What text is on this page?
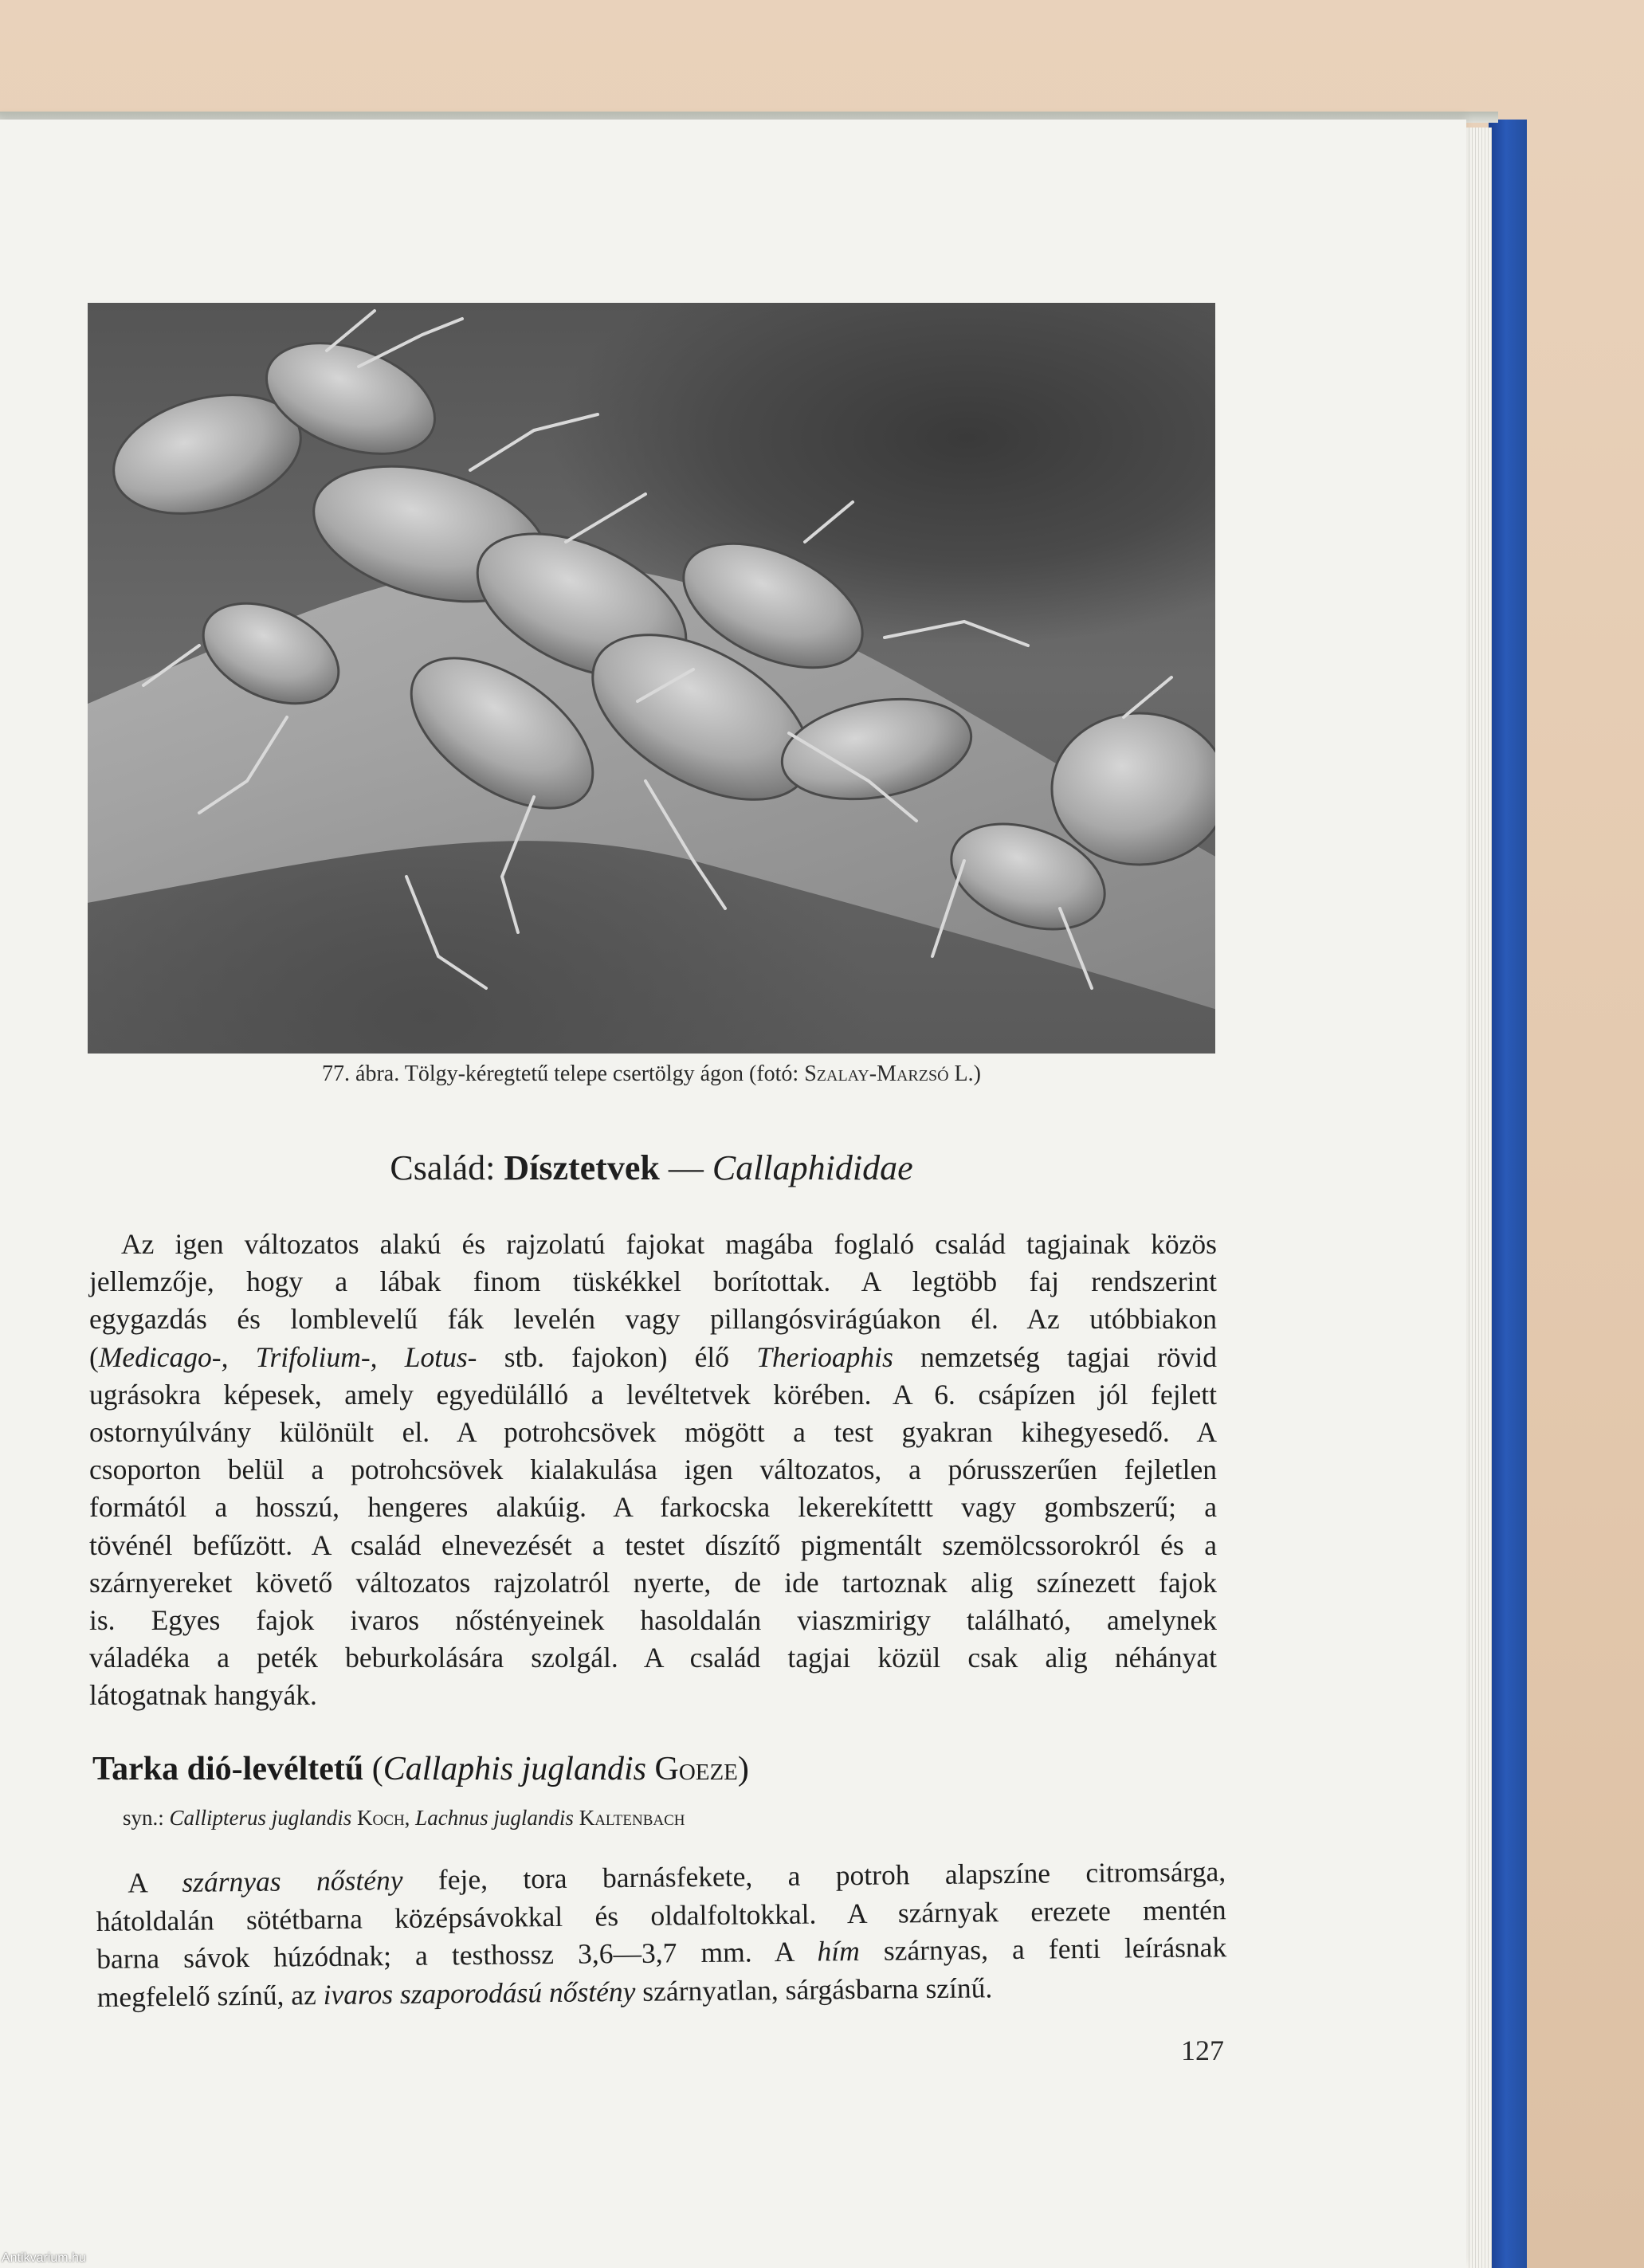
77. ábra. Tölgy-kéregtetű telepe csertölgy ágon (fotó: Szalay-Marzsó L.)
Család: Dísztetvek — Callaphididae
Az igen változatos alakú és rajzolatú fajokat magába foglaló család tagjainak közös
jellemzője, hogy a lábak finom tüskékkel borítottak. A legtöbb faj rendszerint
egygazdás és lomblevelű fák levelén vagy pillangósvirágúakon él. Az utóbbiakon
(Medicago-, Trifolium-, Lotus- stb. fajokon) élő Therioaphis nemzetség tagjai rövid
ugrásokra képesek, amely egyedülálló a levéltetvek körében. A 6. csápízen jól fejlett
ostornyúlvány különült el. A potrohcsövek mögött a test gyakran kihegyesedő. A
csoporton belül a potrohcsövek kialakulása igen változatos, a pórusszerűen fejletlen
formától a hosszú, hengeres alakúig. A farkocska lekerekítettt vagy gombszerű; a
tövénél befűzött. A család elnevezését a testet díszítő pigmentált szemölcssorokról és a
szárnyereket követő változatos rajzolatról nyerte, de ide tartoznak alig színezett fajok
is. Egyes fajok ivaros nőstényeinek hasoldalán viaszmirigy található, amelynek
váladéka a peték beburkolására szolgál. A család tagjai közül csak alig néhányat
látogatnak hangyák.
Tarka dió-levéltetű (Callaphis juglandis Goeze)
syn.: Callipterus juglandis Koch, Lachnus juglandis Kaltenbach
A szárnyas nőstény feje, tora barnásfekete, a potroh alapszíne citromsárga,
hátoldalán sötétbarna középsávokkal és oldalfoltokkal. A szárnyak erezete mentén
barna sávok húzódnak; a testhossz 3,6—3,7 mm. A hím szárnyas, a fenti leírásnak
megfelelő színű, az ivaros szaporodású nőstény szárnyatlan, sárgásbarna színű.
127
Antikvarium.hu
